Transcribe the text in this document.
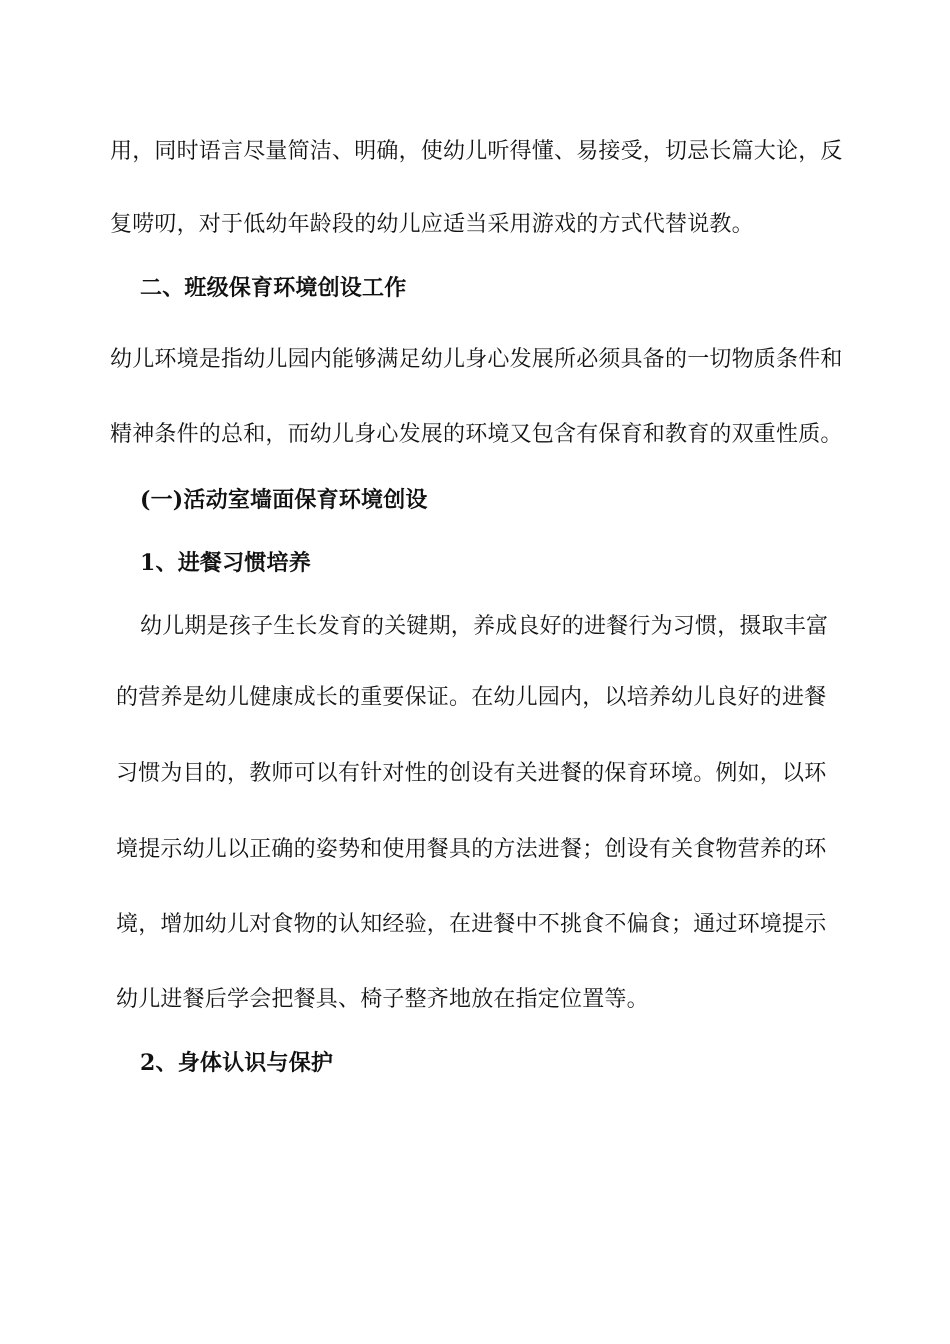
用，同时语言尽量简洁、明确，使幼儿听得懂、易接受，切忌长篇大论，反
复唠叨，对于低幼年龄段的幼儿应适当采用游戏的方式代替说教。
二、班级保育环境创设工作
幼儿环境是指幼儿园内能够满足幼儿身心发展所必须具备的一切物质条件和
精神条件的总和，而幼儿身心发展的环境又包含有保育和教育的双重性质。
(一)活动室墙面保育环境创设
1、进餐习惯培养
幼儿期是孩子生长发育的关键期，养成良好的进餐行为习惯，摄取丰富
的营养是幼儿健康成长的重要保证。在幼儿园内，以培养幼儿良好的进餐
习惯为目的，教师可以有针对性的创设有关进餐的保育环境。例如，以环
境提示幼儿以正确的姿势和使用餐具的方法进餐；创设有关食物营养的环
境，增加幼儿对食物的认知经验，在进餐中不挑食不偏食；通过环境提示
幼儿进餐后学会把餐具、椅子整齐地放在指定位置等。
2、身体认识与保护
